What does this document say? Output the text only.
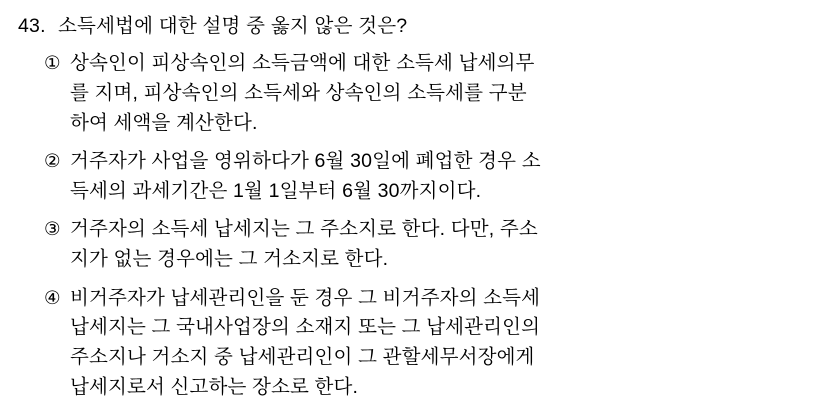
43. 소득세법에 대한 설명 중 옳지 않은 것은?
① 상속인이 피상속인의 소득금액에 대한 소득세 납세의무
를 지며, 피상속인의 소득세와 상속인의 소득세를 구분
하여 세액을 계산한다.
② 거주자가 사업을 영위하다가 6월 30일에 폐업한 경우 소
득세의 과세기간은 1월 1일부터 6월 30까지이다.
③ 거주자의 소득세 납세지는 그 주소지로 한다. 다만, 주소
지가 없는 경우에는 그 거소지로 한다.
④ 비거주자가 납세관리인을 둔 경우 그 비거주자의 소득세
납세지는 그 국내사업장의 소재지 또는 그 납세관리인의
주소지나 거소지 중 납세관리인이 그 관할세무서장에게
납세지로서 신고하는 장소로 한다.
